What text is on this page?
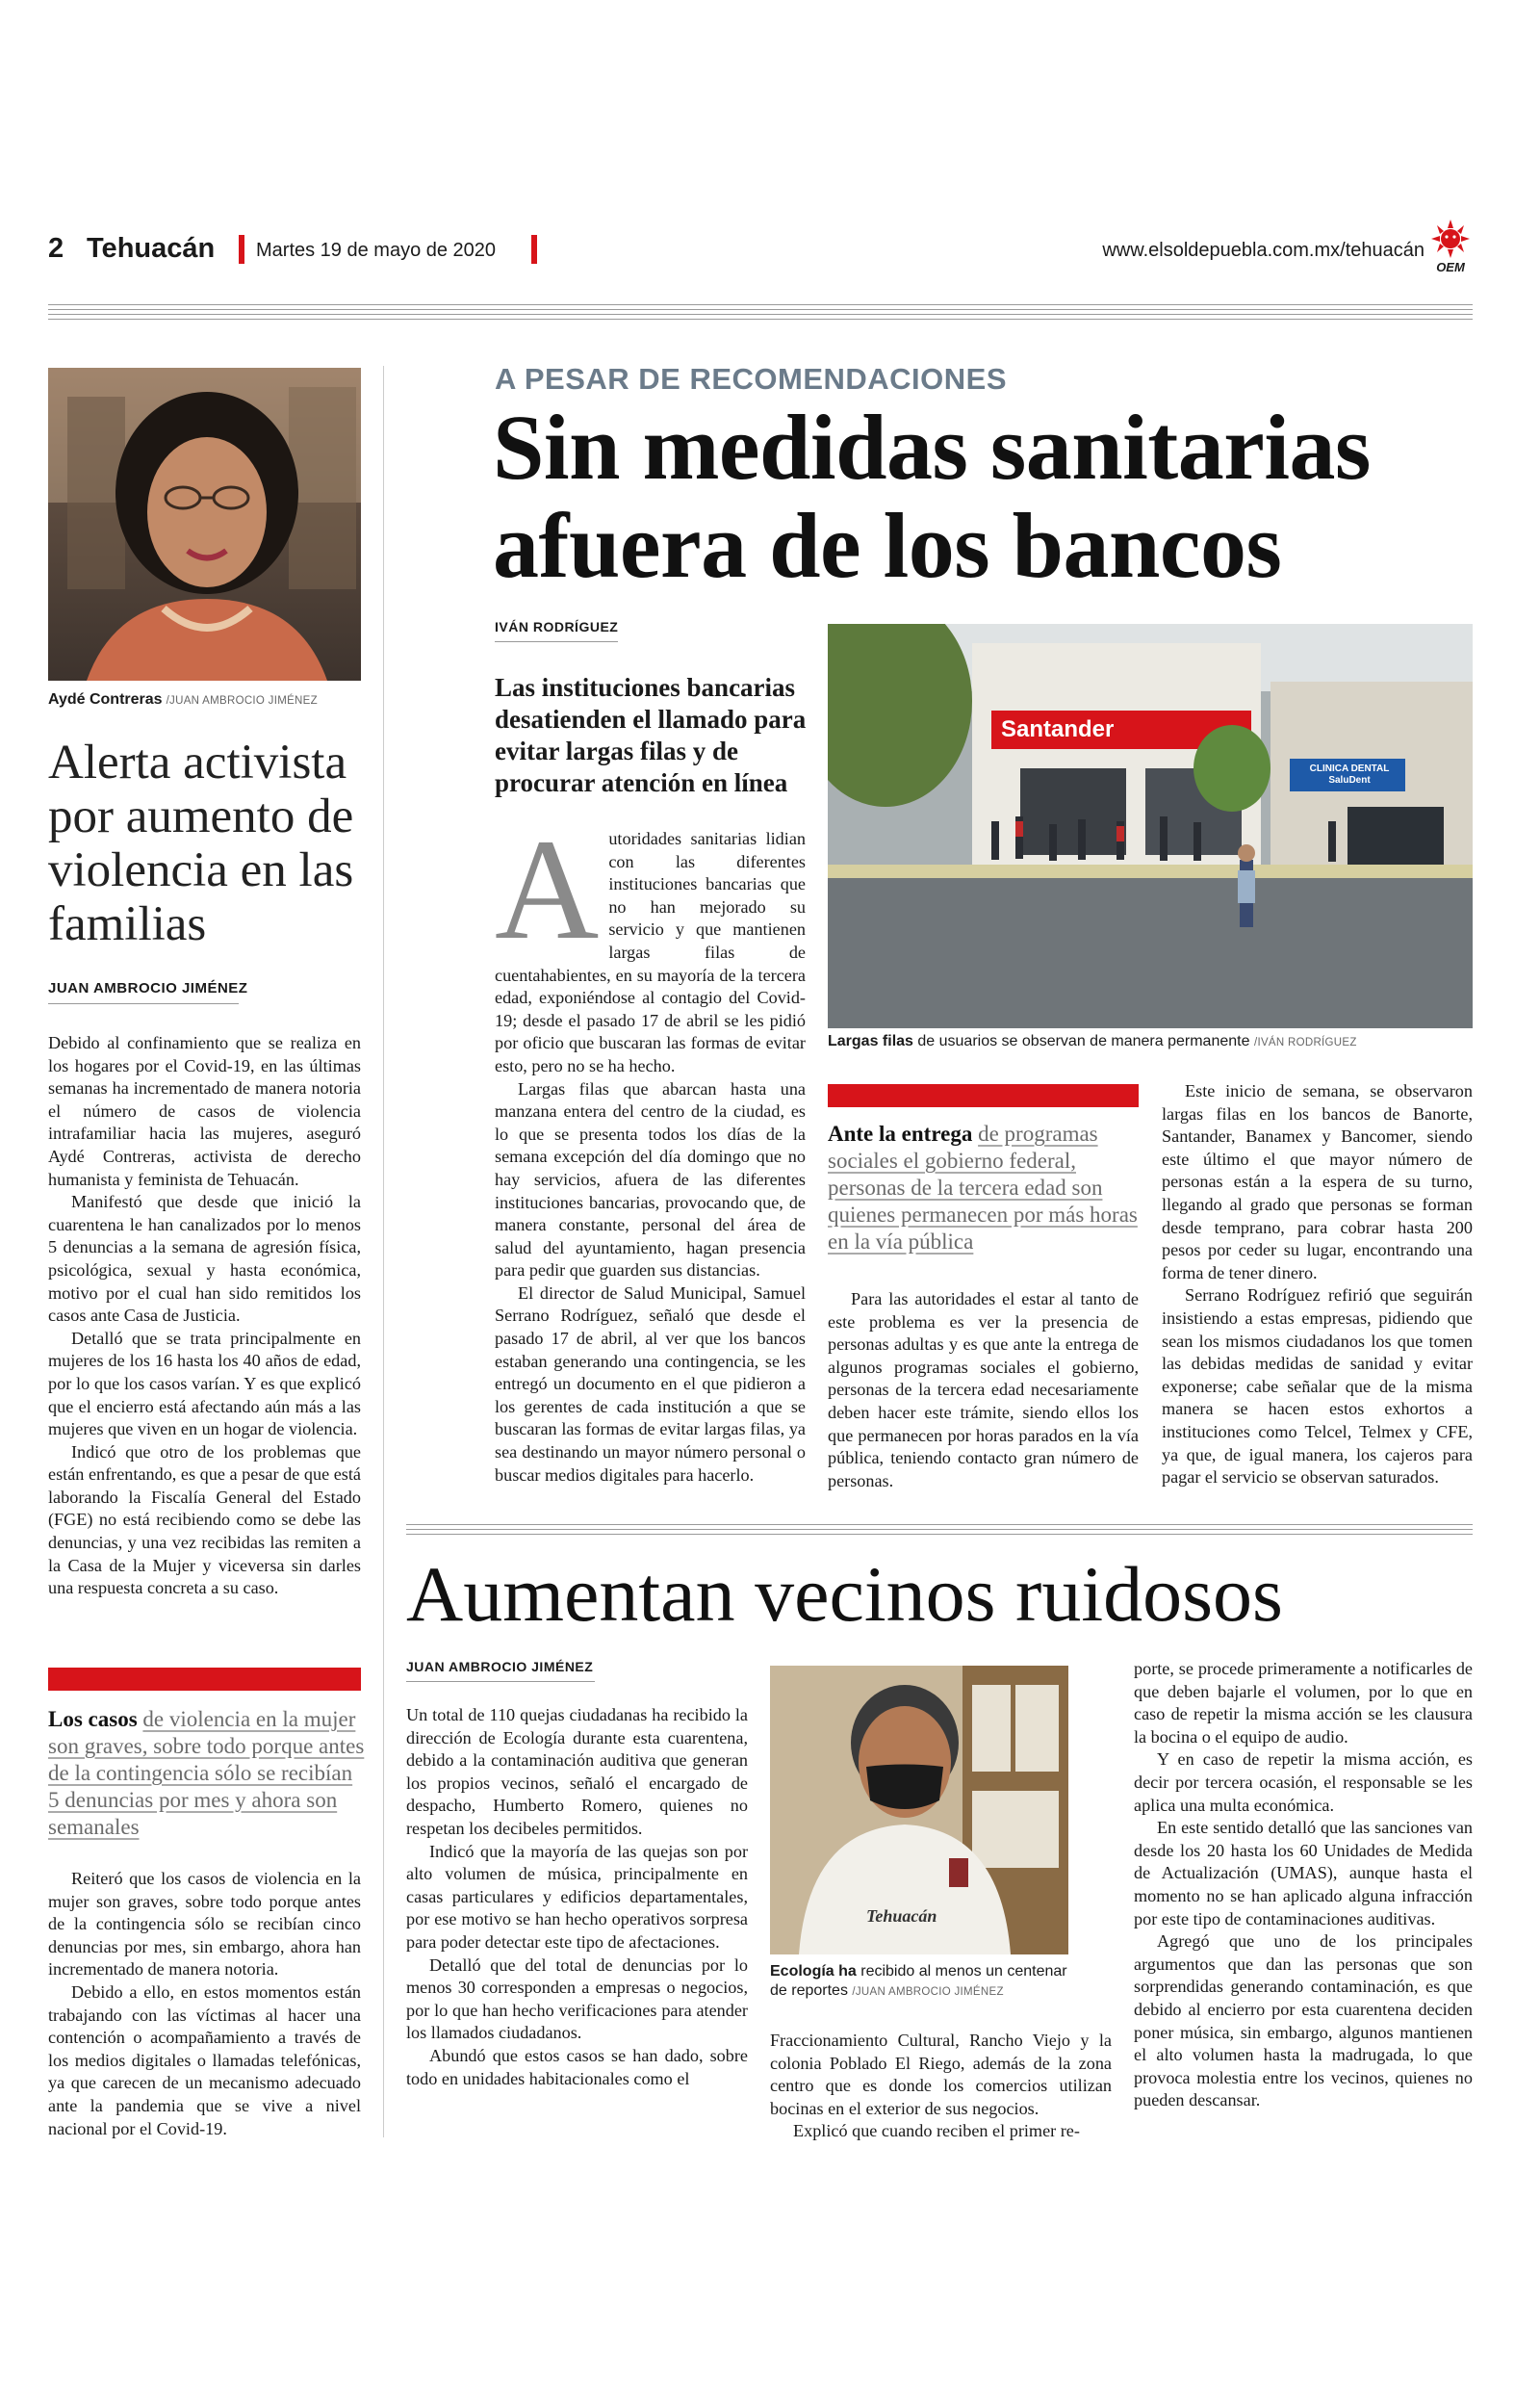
2 Tehuacán Martes 19 de mayo de 2020	www.elsoldepuebla.com.mx/tehuacán
OEM
Aydé Contreras /JUAN AMBROCIO JIMÉNEZ
Alerta activista por aumento de violencia en las familias
JUAN AMBROCIO JIMÉNEZ

Debido al confinamiento que se realiza en los hogares por el Covid-19, en las últimas semanas ha incrementado de manera notoria el número de casos de violencia intrafamiliar hacia las mujeres, aseguró Aydé Contreras, activista de derecho humanista y feminista de Tehuacán.

Manifestó que desde que inició la cuarentena le han canalizados por lo menos 5 denuncias a la semana de agresión física, psicológica, sexual y hasta económica, motivo por el cual han sido remitidos los casos ante Casa de Justicia.

Detalló que se trata principalmente en mujeres de los 16 hasta los 40 años de edad, por lo que los casos varían. Y es que explicó que el encierro está afectando aún más a las mujeres que viven en un hogar de violencia.

Indicó que otro de los problemas que están enfrentando, es que a pesar de que está laborando la Fiscalía General del Estado (FGE) no está recibiendo como se debe las denuncias, y una vez recibidas las remiten a la Casa de la Mujer y viceversa sin darles una respuesta concreta a su caso.

Los casos de violencia en la mujer son graves, sobre todo porque antes de la contingencia sólo se recibían 5 denuncias por mes y ahora son semanales

Reiteró que los casos de violencia en la mujer son graves, sobre todo porque antes de la contingencia sólo se recibían cinco denuncias por mes, sin embargo, ahora han incrementado de manera notoria.

Debido a ello, en estos momentos están trabajando con las víctimas al hacer una contención o acompañamiento a través de los medios digitales o llamadas telefónicas, ya que carecen de un mecanismo adecuado ante la pandemia que se vive a nivel nacional por el Covid-19.

A PESAR DE RECOMENDACIONES
Sin medidas sanitarias afuera de los bancos
IVÁN RODRÍGUEZ
Las instituciones bancarias desatienden el llamado para evitar largas filas y de procurar atención en línea
A utoridades sanitarias lidian con las diferentes instituciones bancarias que no han mejorado su servicio y que mantienen largas filas de cuentahabientes, en su mayoría de la tercera edad, exponiéndose al contagio del Covid-19; desde el pasado 17 de abril se les pidió por oficio que buscaran las formas de evitar esto, pero no se ha hecho.

Largas filas que abarcan hasta una manzana entera del centro de la ciudad, es lo que se presenta todos los días de la semana excepción del día domingo que no hay servicios, afuera de las diferentes instituciones bancarias, provocando que, de manera constante, personal del área de salud del ayuntamiento, hagan presencia para pedir que guarden sus distancias.

El director de Salud Municipal, Samuel Serrano Rodríguez, señaló que desde el pasado 17 de abril, al ver que los bancos estaban generando una contingencia, se les entregó un documento en el que pidieron a los gerentes de cada institución a que se buscaran las formas de evitar largas filas, ya sea destinando un mayor número personal o buscar medios digitales para hacerlo.

Santander
CLINICA DENTAL SaluDent
Largas filas de usuarios se observan de manera permanente /IVÁN RODRÍGUEZ
Ante la entrega de programas sociales el gobierno federal, personas de la tercera edad son quienes permanecen por más horas en la vía pública

Para las autoridades el estar al tanto de este problema es ver la presencia de personas adultas y es que ante la entrega de algunos programas sociales el gobierno, personas de la tercera edad necesariamente deben hacer este trámite, siendo ellos los que permanecen por horas parados en la vía pública, teniendo contacto gran número de personas.

Este inicio de semana, se observaron largas filas en los bancos de Banorte, Santander, Banamex y Bancomer, siendo este último el que mayor número de personas están a la espera de su turno, llegando al grado que personas se forman desde temprano, para cobrar hasta 200 pesos por ceder su lugar, encontrando una forma de tener dinero.

Serrano Rodríguez refirió que seguirán insistiendo a estas empresas, pidiendo que sean los mismos ciudadanos los que tomen las debidas medidas de sanidad y evitar exponerse; cabe señalar que de la misma manera se hacen estos exhortos a instituciones como Telcel, Telmex y CFE, ya que, de igual manera, los cajeros para pagar el servicio se observan saturados.

Aumentan vecinos ruidosos
JUAN AMBROCIO JIMÉNEZ

Un total de 110 quejas ciudadanas ha recibido la dirección de Ecología durante esta cuarentena, debido a la contaminación auditiva que generan los propios vecinos, señaló el encargado de despacho, Humberto Romero, quienes no respetan los decibeles permitidos.

Indicó que la mayoría de las quejas son por alto volumen de música, principalmente en casas particulares y edificios departamentales, por ese motivo se han hecho operativos sorpresa para poder detectar este tipo de afectaciones.

Detalló que del total de denuncias por lo menos 30 corresponden a empresas o negocios, por lo que han hecho verificaciones para atender los llamados ciudadanos.

Abundó que estos casos se han dado, sobre todo en unidades habitacionales como el

Tehuacán
Ecología ha recibido al menos un centenar de reportes /JUAN AMBROCIO JIMÉNEZ

Fraccionamiento Cultural, Rancho Viejo y la colonia Poblado El Riego, además de la zona centro que es donde los comercios utilizan bocinas en el exterior de sus negocios.

Explicó que cuando reciben el primer re-

porte, se procede primeramente a notificarles de que deben bajarle el volumen, por lo que en caso de repetir la misma acción se les clausura la bocina o el equipo de audio.

Y en caso de repetir la misma acción, es decir por tercera ocasión, el responsable se les aplica una multa económica.

En este sentido detalló que las sanciones van desde los 20 hasta los 60 Unidades de Medida de Actualización (UMAS), aunque hasta el momento no se han aplicado alguna infracción por este tipo de contaminaciones auditivas.

Agregó que uno de los principales argumentos que dan las personas que son sorprendidas generando contaminación, es que debido al encierro por esta cuarentena deciden poner música, sin embargo, algunos mantienen el alto volumen hasta la madrugada, lo que provoca molestia entre los vecinos, quienes no pueden descansar.
